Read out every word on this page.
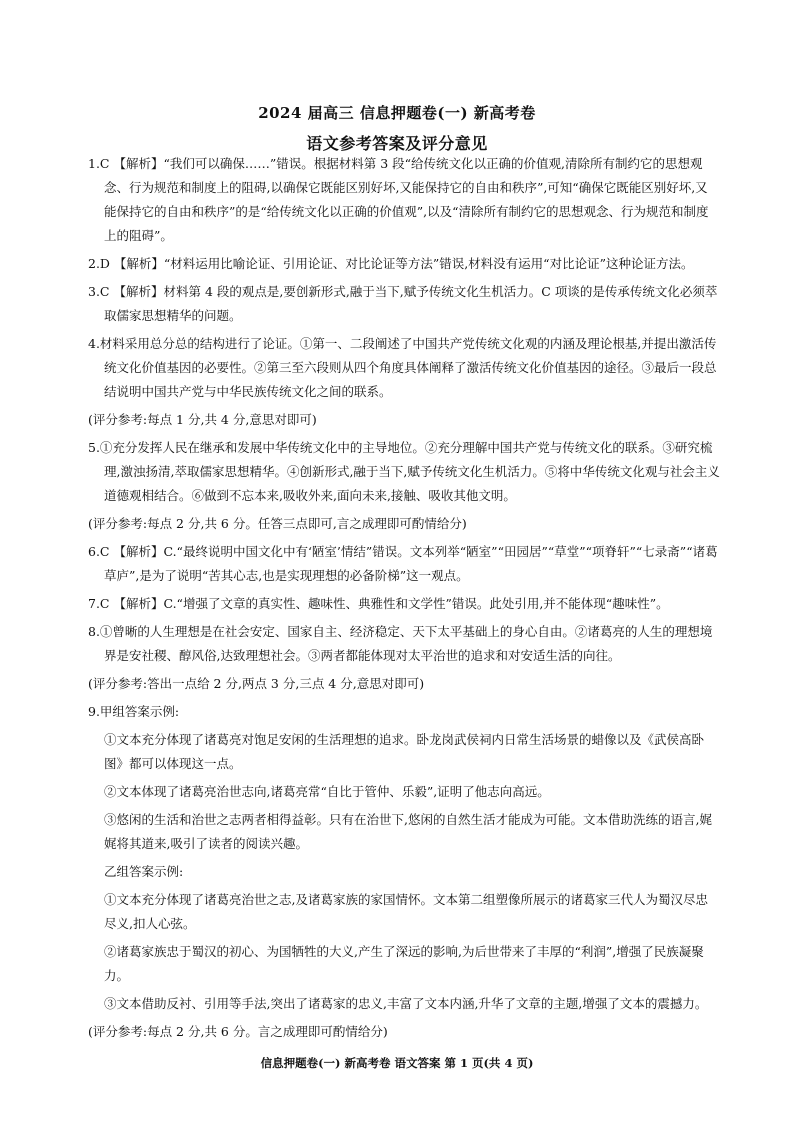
2024 届高三 信息押题卷(一) 新高考卷
语文参考答案及评分意见
1.C 【解析】“我们可以确保……”错误。根据材料第 3 段“给传统文化以正确的价值观,清除所有制约它的思想观念、行为规范和制度上的阻碍,以确保它既能区别好坏,又能保持它的自由和秩序”,可知“确保它既能区别好坏,又能保持它的自由和秩序”的是“给传统文化以正确的价值观”,以及“清除所有制约它的思想观念、行为规范和制度上的阻碍”。
2.D 【解析】“材料运用比喻论证、引用论证、对比论证等方法”错误,材料没有运用“对比论证”这种论证方法。
3.C 【解析】材料第 4 段的观点是,要创新形式,融于当下,赋予传统文化生机活力。C 项谈的是传承传统文化必须萃取儒家思想精华的问题。
4.材料采用总分总的结构进行了论证。①第一、二段阐述了中国共产党传统文化观的内涵及理论根基,并提出激活传统文化价值基因的必要性。②第三至六段则从四个角度具体阐释了激活传统文化价值基因的途径。③最后一段总结说明中国共产党与中华民族传统文化之间的联系。
(评分参考:每点 1 分,共 4 分,意思对即可)
5.①充分发挥人民在继承和发展中华传统文化中的主导地位。②充分理解中国共产党与传统文化的联系。③研究梳理,激浊扬清,萃取儒家思想精华。④创新形式,融于当下,赋予传统文化生机活力。⑤将中华传统文化观与社会主义道德观相结合。⑥做到不忘本来,吸收外来,面向未来,接触、吸收其他文明。
(评分参考:每点 2 分,共 6 分。任答三点即可,言之成理即可酌情给分)
6.C 【解析】C.“最终说明中国文化中有‘陋室’情结”错误。文本列举“陋室”“田园居”“草堂”“项脊轩”“七录斋”“诸葛草庐”,是为了说明“苦其心志,也是实现理想的必备阶梯”这一观点。
7.C 【解析】C.“增强了文章的真实性、趣味性、典雅性和文学性”错误。此处引用,并不能体现“趣味性”。
8.①曾晰的人生理想是在社会安定、国家自主、经济稳定、天下太平基础上的身心自由。②诸葛亮的人生的理想境界是安社稷、醇风俗,达致理想社会。③两者都能体现对太平治世的追求和对安适生活的向往。
(评分参考:答出一点给 2 分,两点 3 分,三点 4 分,意思对即可)
9.甲组答案示例:
①文本充分体现了诸葛亮对饱足安闲的生活理想的追求。卧龙岗武侯祠内日常生活场景的蜡像以及《武侯高卧图》都可以体现这一点。
②文本体现了诸葛亮治世志向,诸葛亮常“自比于管仲、乐毅”,证明了他志向高远。
③悠闲的生活和治世之志两者相得益彰。只有在治世下,悠闲的自然生活才能成为可能。文本借助洗练的语言,娓娓将其道来,吸引了读者的阅读兴趣。
乙组答案示例:
①文本充分体现了诸葛亮治世之志,及诸葛家族的家国情怀。文本第二组塑像所展示的诸葛家三代人为蜀汉尽忠尽义,扣人心弦。
②诸葛家族忠于蜀汉的初心、为国牺牲的大义,产生了深远的影响,为后世带来了丰厚的“利润”,增强了民族凝聚力。
③文本借助反衬、引用等手法,突出了诸葛家的忠义,丰富了文本内涵,升华了文章的主题,增强了文本的震撼力。
(评分参考:每点 2 分,共 6 分。言之成理即可酌情给分)
信息押题卷(一) 新高考卷 语文答案 第 1 页(共 4 页)
